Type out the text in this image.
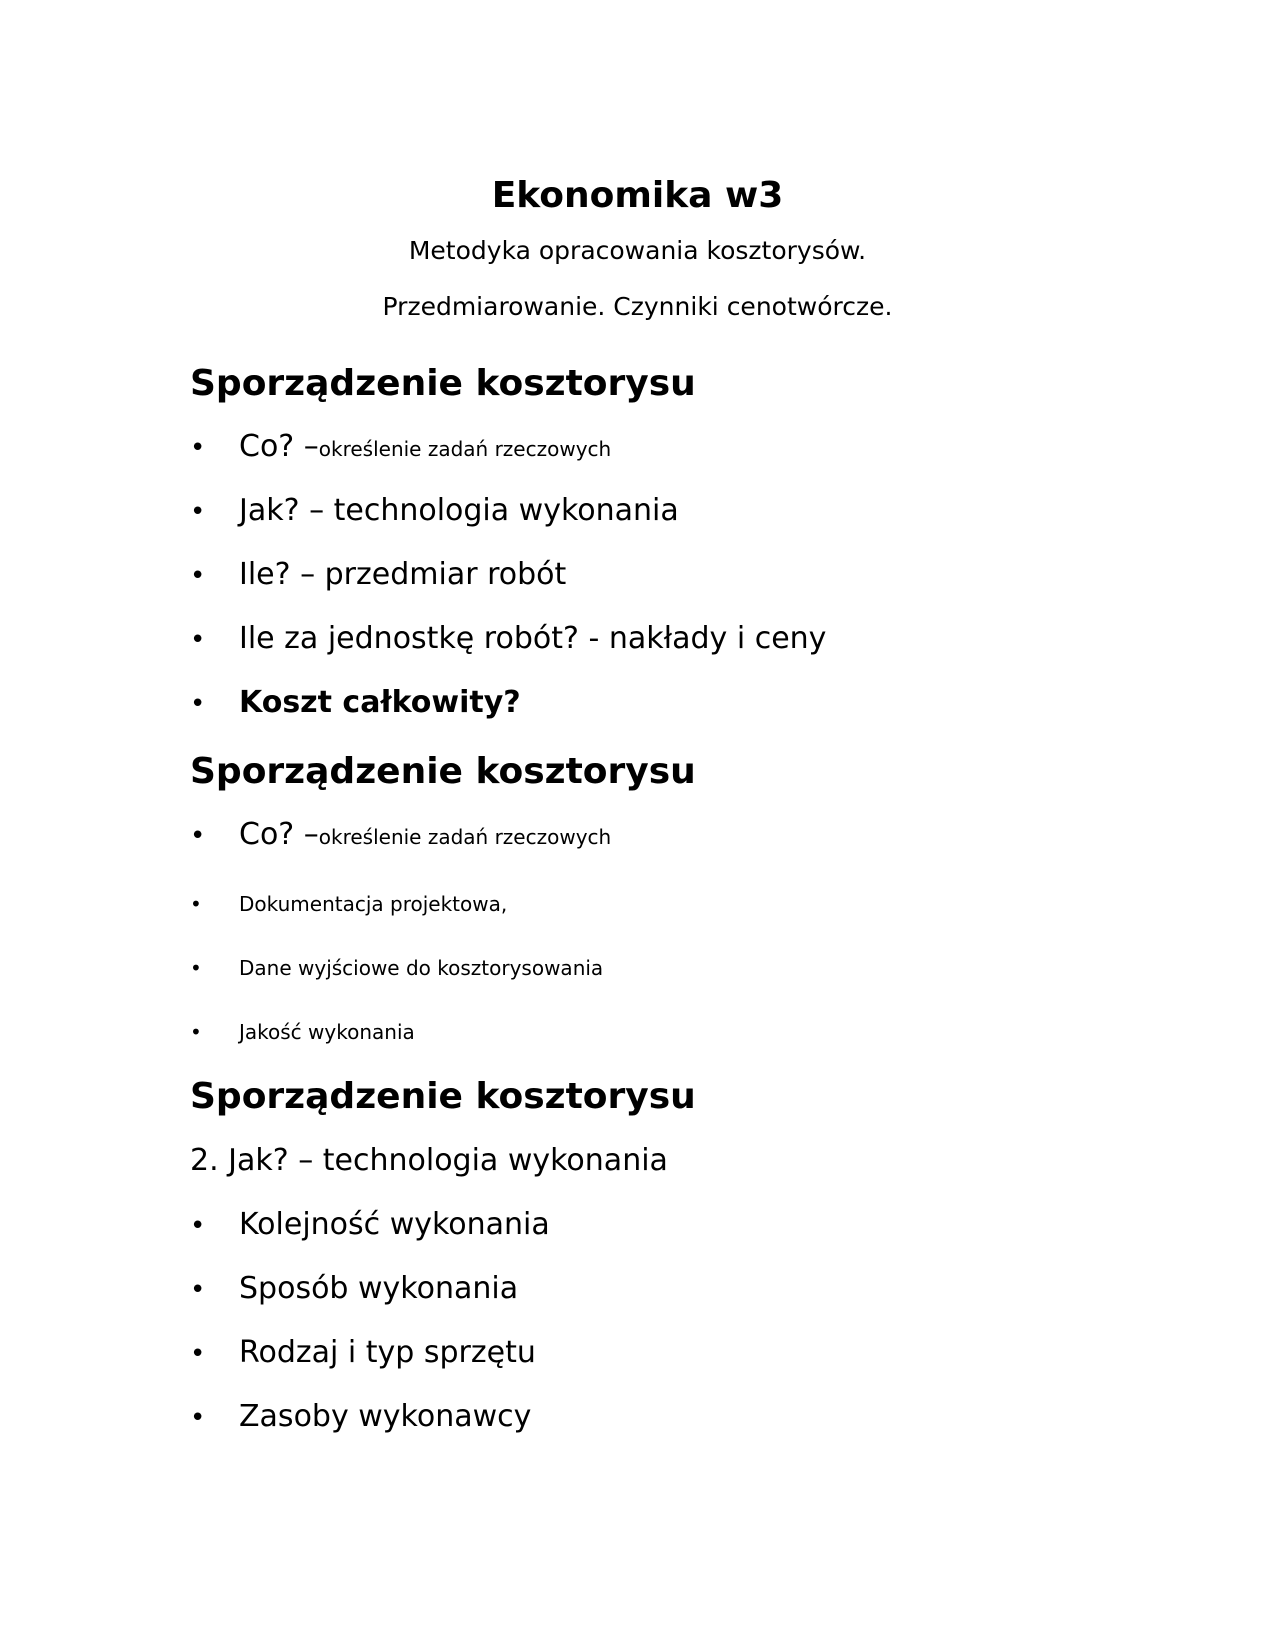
Ekonomika w3
Metodyka opracowania kosztorysów.
Przedmiarowanie. Czynniki cenotwórcze.
Sporządzenie kosztorysu
• Co? –określenie zadań rzeczowych
• Jak? – technologia wykonania
• Ile? – przedmiar robót
• Ile za jednostkę robót? - nakłady i ceny
• Koszt całkowity?
Sporządzenie kosztorysu
• Co? –określenie zadań rzeczowych
• Dokumentacja projektowa,
• Dane wyjściowe do kosztorysowania
• Jakość wykonania
Sporządzenie kosztorysu
2. Jak? – technologia wykonania
• Kolejność wykonania
• Sposób wykonania
• Rodzaj i typ sprzętu
• Zasoby wykonawcy
